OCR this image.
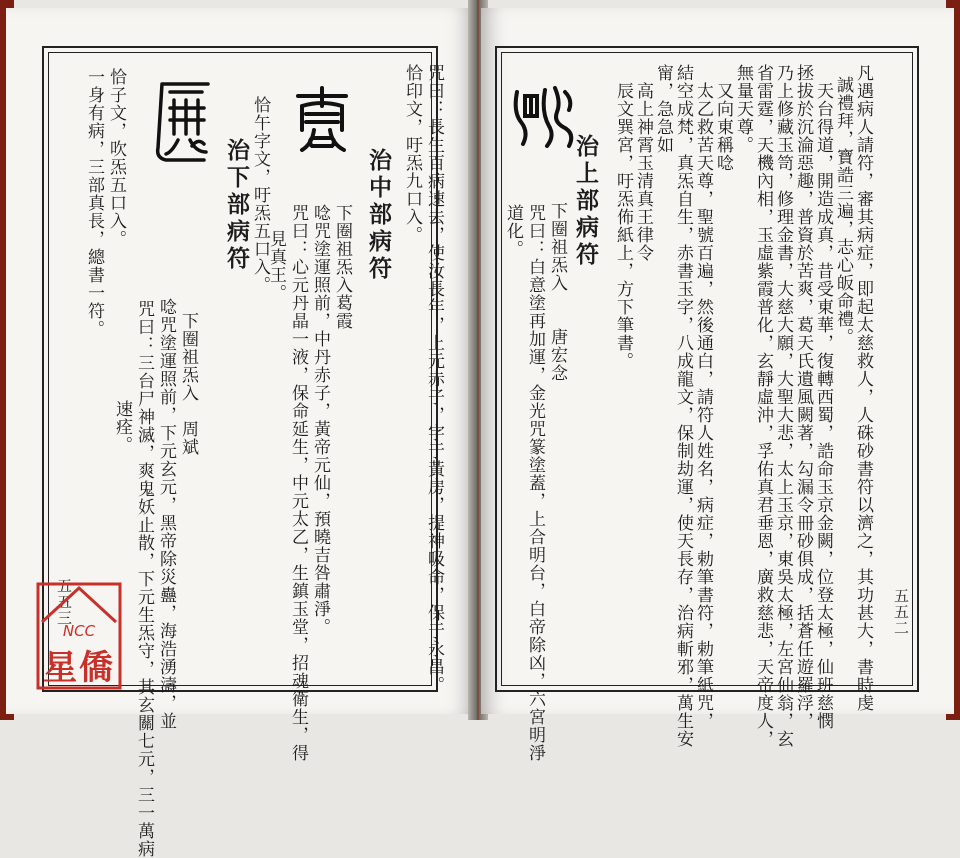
咒曰：長生百病速去，使汝長年，上元赤子，字于黃房，提神吸命，保于永昌。
恰印文，吁炁九口入。
治中部病符
下圈祖炁入葛霞
唸咒塗運照前，中丹赤子，黃帝元仙，預曉吉咎肅淨。
咒曰：心元丹晶一液，保命延生，中元太乙，生鎮玉堂，招魂衛生，得
見真王。
恰午字文，吁炁五口入。
治下部病符
下圈祖炁入　周斌
唸咒塗運照前，下元玄元，黑帝除災蠱，海浩湧濤，並
咒曰：三台尸神滅，爽鬼妖止散，下元生炁守，其玄關七元，三一萬病
速痊。
恰子文，吹炁五口入。
一身有病，三部真長，總書一符。
五五三	凡遇病人請符，審其病症，即起太慈救人，人硃砂書符以濟之，其功甚大，書時虔
誠禮拜，寶誥三遍，志心皈命禮。
天台得道，開造成真，昔受東華，復轉西蜀，誥命玉京金闕，位登太極，仙班慈憫
拯拔於沉淪惡趣，普資於苦爽，葛天氏遺風闕著，勾漏令冊砂俱成，括蒼任遊羅浮，
乃上修藏玉笥，修理金書，大慈大願，大聖大悲，太上玉京，東吳太極，左宮仙翁，玄
省雷霆，天機內相，玉虛紫霞普化，玄靜虛沖，孚佑真君垂恩，廣救慈悲，天帝度人，
無量天尊。
又向東稱唸
太乙救苦天尊，聖號百遍，然後通白，請符人姓名，病症，勅筆書符，勅筆紙咒，
結空成梵，真炁自生，赤書玉字，八成龍文，保制劫運，使天長存，治病斬邪，萬生安
甯，急急如
高上神霄玉清真王律令
辰文巽宮，吁炁佈紙上，方下筆書。
治上部病符
下圈祖炁入　　唐宏念
咒曰：白意塗再加運，金光咒篆塗蓋，上合明台，白帝除凶，六宮明淨
道化。
五五二
NCC
星僑
